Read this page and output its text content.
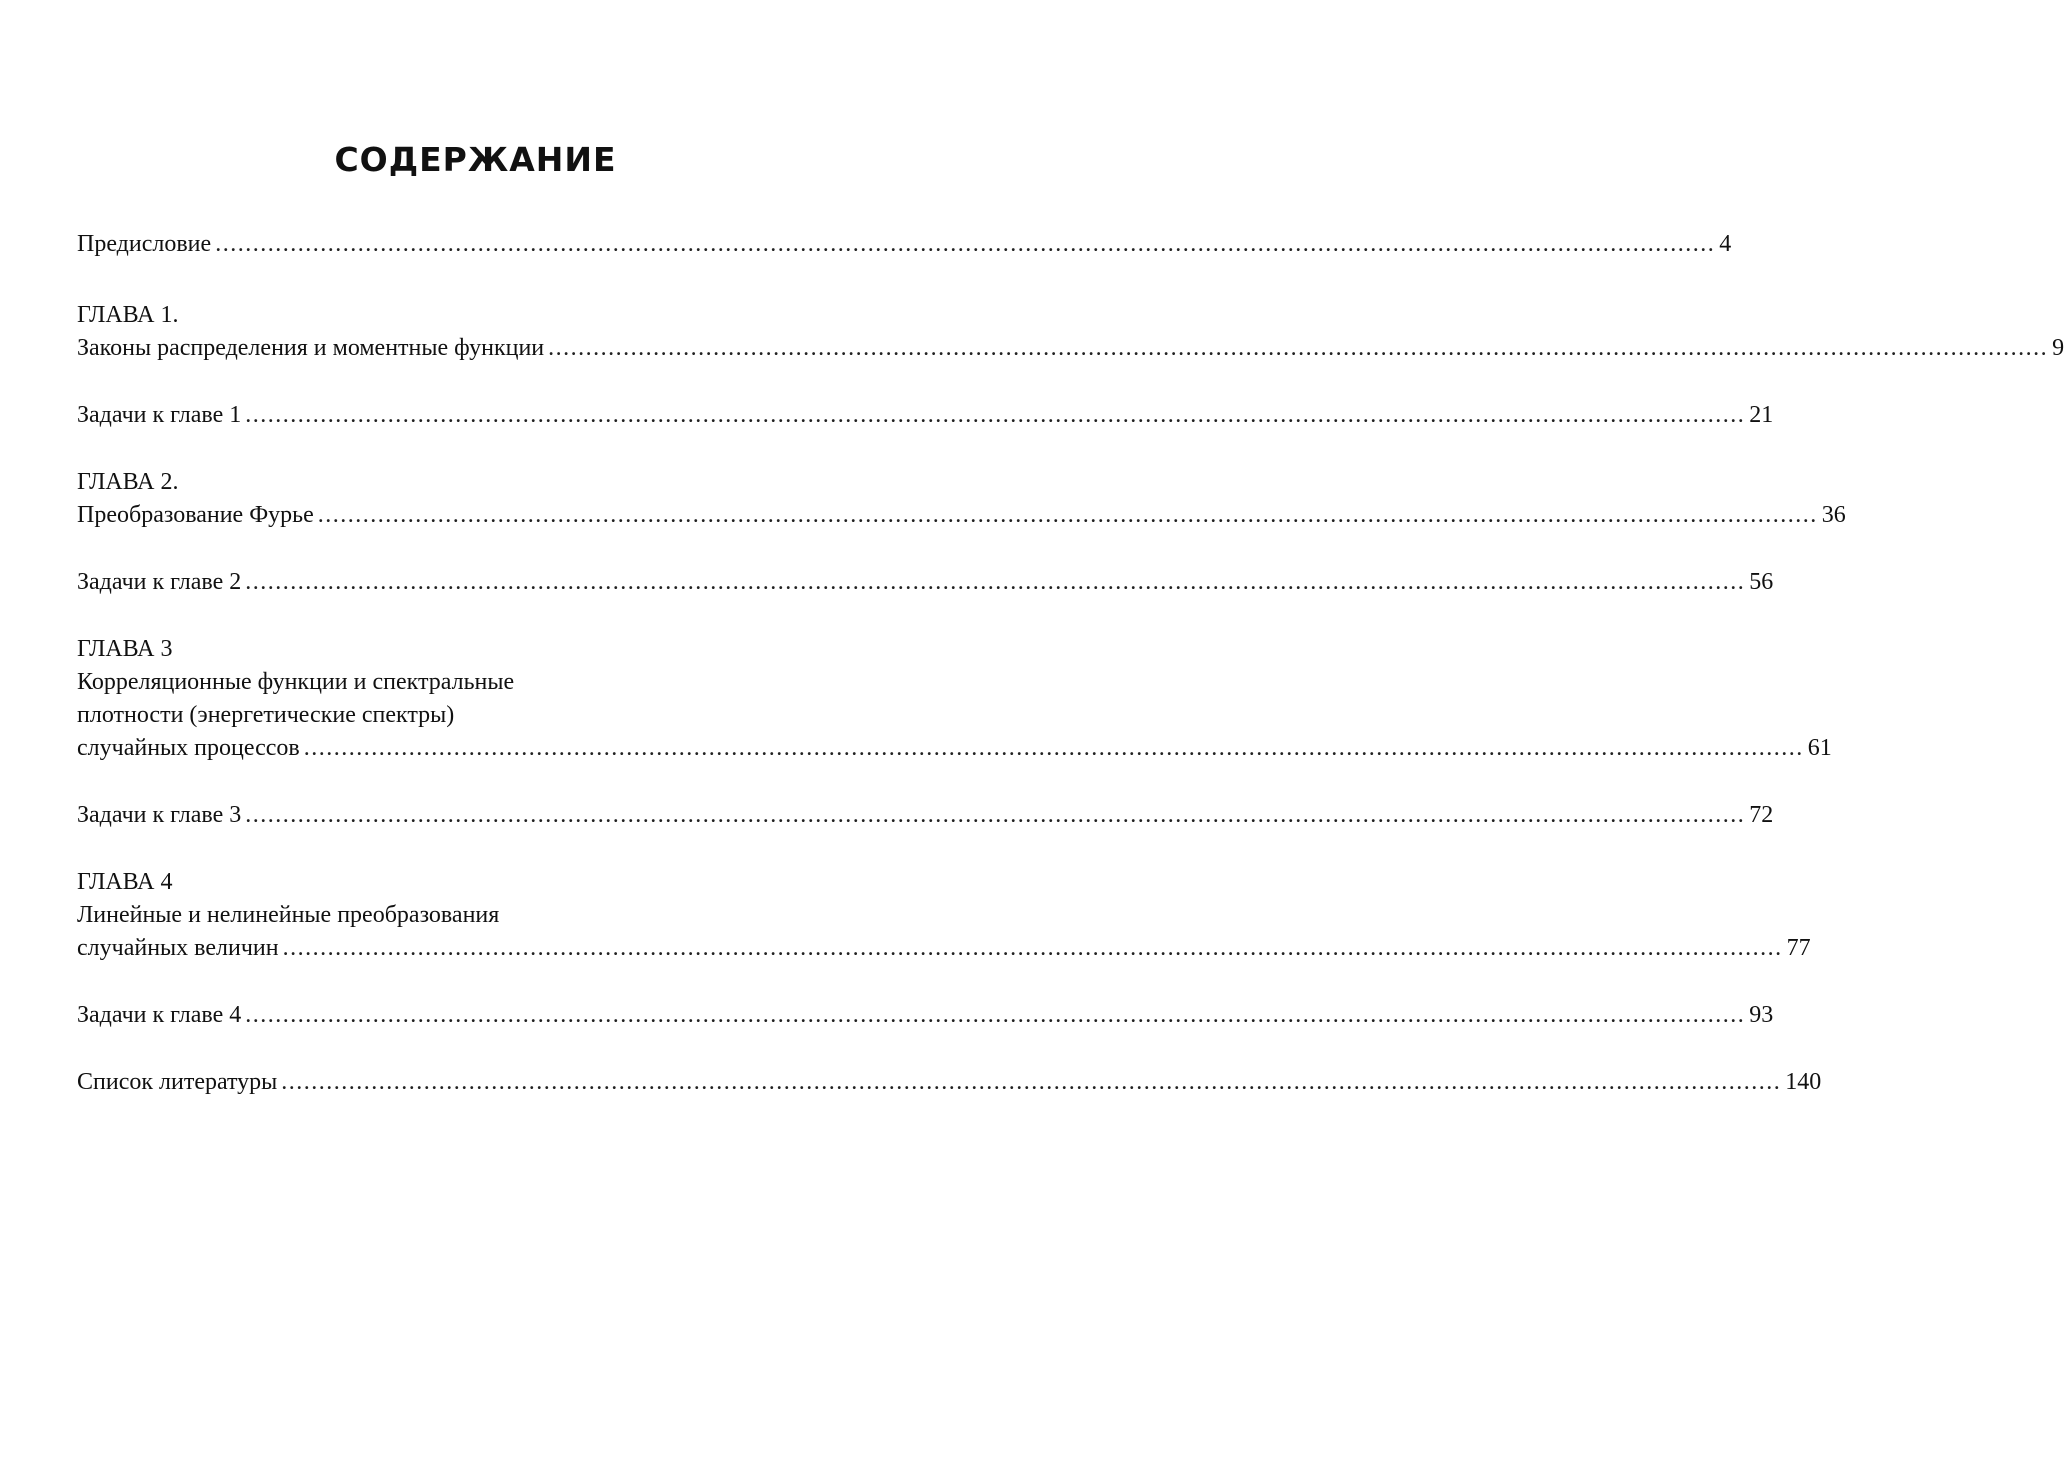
СОДЕРЖАНИЕ
Предисловие ........................................................................................................................................................................................................ 4
ГЛАВА 1.
Законы распределения и моментные функции ........................................................................................................................................................................................................ 9
Задачи к главе 1 ........................................................................................................................................................................................................ 21
ГЛАВА 2.
Преобразование Фурье ........................................................................................................................................................................................................ 36
Задачи к главе 2 ........................................................................................................................................................................................................ 56
ГЛАВА 3
Корреляционные функции и спектральные
плотности (энергетические спектры)
случайных процессов ........................................................................................................................................................................................................ 61
Задачи к главе 3 ........................................................................................................................................................................................................ 72
ГЛАВА 4
Линейные и нелинейные преобразования
случайных величин ........................................................................................................................................................................................................ 77
Задачи к главе 4 ........................................................................................................................................................................................................ 93
Список литературы ........................................................................................................................................................................................................ 140
